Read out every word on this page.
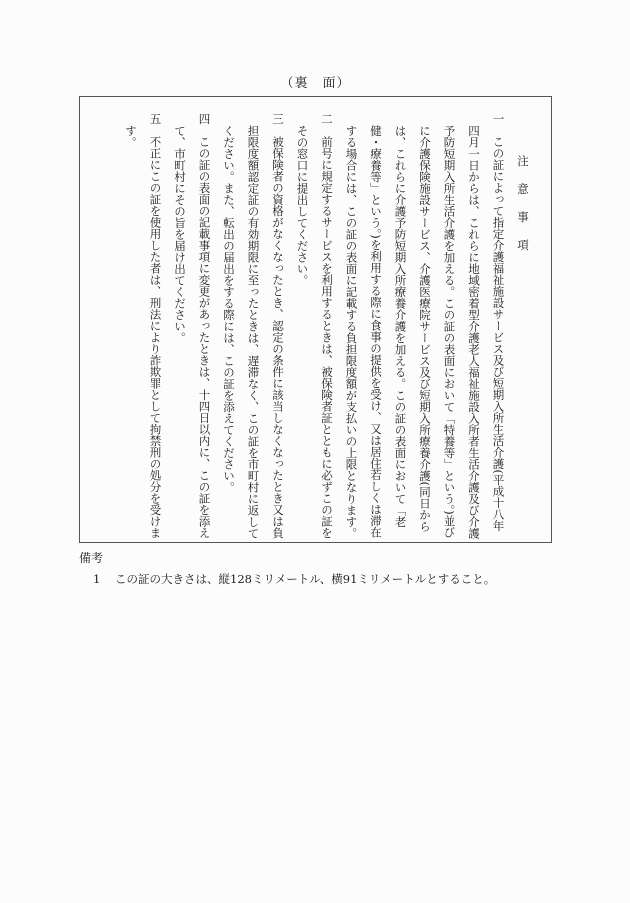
（裏　面）

注　意　事　項

一この証によって指定介護福祉施設サービス及び短期入所生活介護(平成十八年四月一日からは、これらに地域密着型介護老人福祉施設入所者生活介護及び介護予防短期入所生活介護を加える。この証の表面において「特養等」という。)並びに介護保険施設サービス、介護医療院サービス及び短期入所療養介護(同日からは、これらに介護予防短期入所療養介護を加える。この証の表面において「老健・療養等」という。)を利用する際に食事の提供を受け、又は居住若しくは滞在する場合には、この証の表面に記載する負担限度額が支払いの上限となります。

二前号に規定するサービスを利用するときは、被保険者証とともに必ずこの証をその窓口に提出してください。

三被保険者の資格がなくなったとき、認定の条件に該当しなくなったとき又は負担限度額認定証の有効期限に至ったときは、遅滞なく、この証を市町村に返してください。また、転出の届出をする際には、この証を添えてください。

四この証の表面の記載事項に変更があったときは、十四日以内に、この証を添えて、市町村にその旨を届け出てください。

五不正にこの証を使用した者は、刑法により詐欺罪として拘禁刑の処分を受けます。

備考
1 この証の大きさは、縦128ミリメートル、横91ミリメートルとすること。
